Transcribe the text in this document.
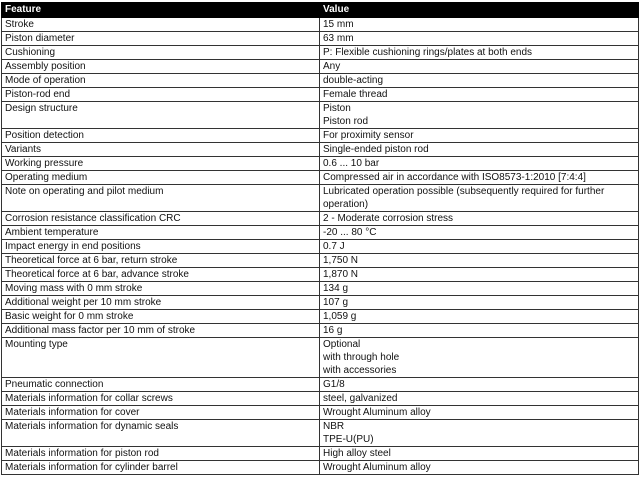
Feature	Value
Stroke	15 mm

Piston diameter	63 mm

Cushioning	P: Flexible cushioning rings/plates at both ends

Assembly position	Any

Mode of operation	double-acting

Piston-rod end	Female thread

Design structure	Piston
Piston rod

Position detection	For proximity sensor

Variants	Single-ended piston rod

Working pressure	0.6 ... 10 bar

Operating medium	Compressed air in accordance with ISO8573-1:2010 [7:4:4]

Note on operating and pilot medium	Lubricated operation possible (subsequently required for further
operation)

Corrosion resistance classification CRC	2 - Moderate corrosion stress

Ambient temperature	-20 ... 80 °C

Impact energy in end positions	0.7 J

Theoretical force at 6 bar, return stroke	1,750 N

Theoretical force at 6 bar, advance stroke	1,870 N

Moving mass with 0 mm stroke	134 g

Additional weight per 10 mm stroke	107 g

Basic weight for 0 mm stroke	1,059 g

Additional mass factor per 10 mm of stroke	16 g

Mounting type	Optional
with through hole
with accessories

Pneumatic connection	G1/8

Materials information for collar screws	steel, galvanized

Materials information for cover	Wrought Aluminum alloy

Materials information for dynamic seals	NBR
TPE-U(PU)

Materials information for piston rod	High alloy steel

Materials information for cylinder barrel	Wrought Aluminum alloy
